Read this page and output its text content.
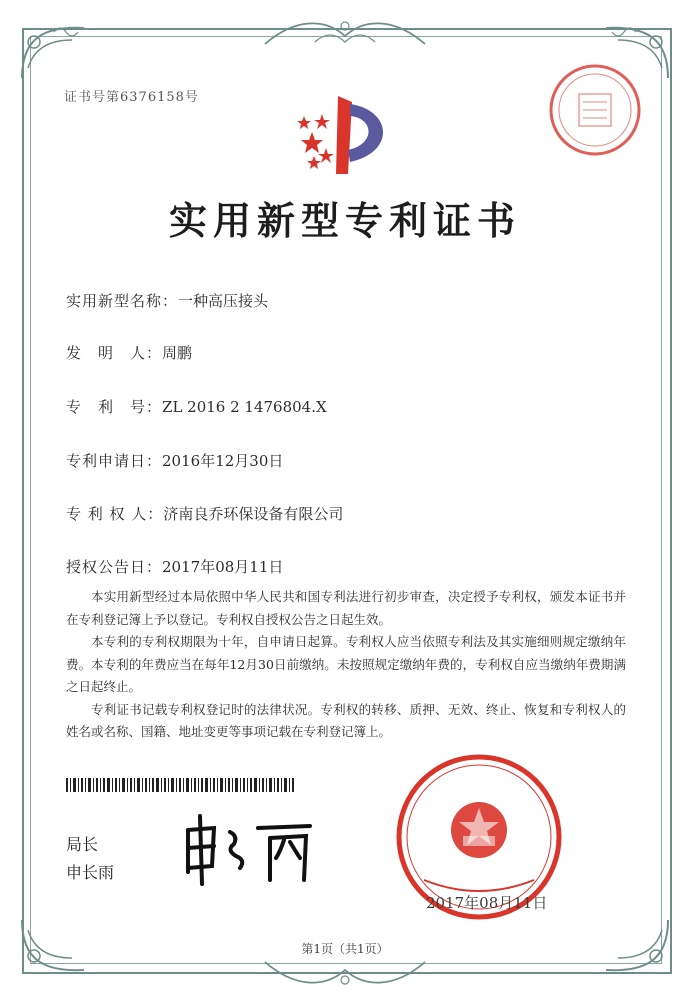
证书号第6376158号
实用新型专利证书
实用新型名称：一种高压接头
发　明　人：周鹏
专　利　号：ZL 2016 2 1476804.X
专利申请日：2016年12月30日
专 利 权 人：济南良乔环保设备有限公司
授权公告日：2017年08月11日

本实用新型经过本局依照中华人民共和国专利法进行初步审查，决定授予专利权，颁发本证书并在专利登记簿上予以登记。专利权自授权公告之日起生效。

本专利的专利权期限为十年，自申请日起算。专利权人应当依照专利法及其实施细则规定缴纳年费。本专利的年费应当在每年12月30日前缴纳。未按照规定缴纳年费的，专利权自应当缴纳年费期满之日起终止。

专利证书记载专利权登记时的法律状况。专利权的转移、质押、无效、终止、恢复和专利权人的姓名或名称、国籍、地址变更等事项记载在专利登记簿上。

局长
申长雨
2017年08月11日
第1页（共1页）
